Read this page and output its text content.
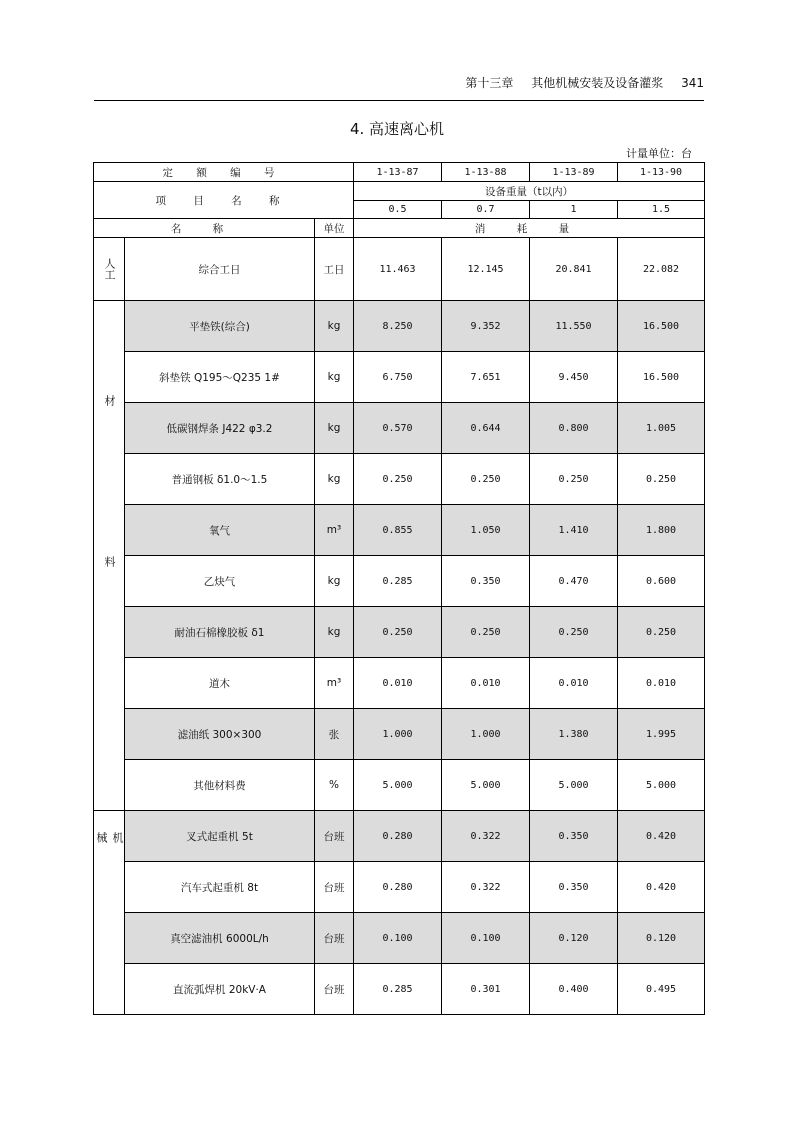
第十三章 其他机械安装及设备灌浆 341
4. 高速离心机
计量单位：台
定 额 编 号			1-13-87	1-13-88	1-13-89	1-13-90
项 目 名 称			设备重量（t以内）			
			0.5	0.7	1	1.5
名 称		单位	消 耗 量			
人工	综合工日	工日	11.463	12.145	20.841	22.082
材料	平垫铁(综合)	kg	8.250	9.352	11.550	16.500
	斜垫铁 Q195～Q235 1#	kg	6.750	7.651	9.450	16.500
	低碳钢焊条 J422 φ3.2	kg	0.570	0.644	0.800	1.005
	普通钢板 δ1.0～1.5	kg	0.250	0.250	0.250	0.250
	氧气	m³	0.855	1.050	1.410	1.800
	乙炔气	kg	0.285	0.350	0.470	0.600
	耐油石棉橡胶板 δ1	kg	0.250	0.250	0.250	0.250
	道木	m³	0.010	0.010	0.010	0.010
	滤油纸 300×300	张	1.000	1.000	1.380	1.995
	其他材料费	%	5.000	5.000	5.000	5.000
机械	叉式起重机 5t	台班	0.280	0.322	0.350	0.420
	汽车式起重机 8t	台班	0.280	0.322	0.350	0.420
	真空滤油机 6000L/h	台班	0.100	0.100	0.120	0.120
	直流弧焊机 20kV·A	台班	0.285	0.301	0.400	0.495
